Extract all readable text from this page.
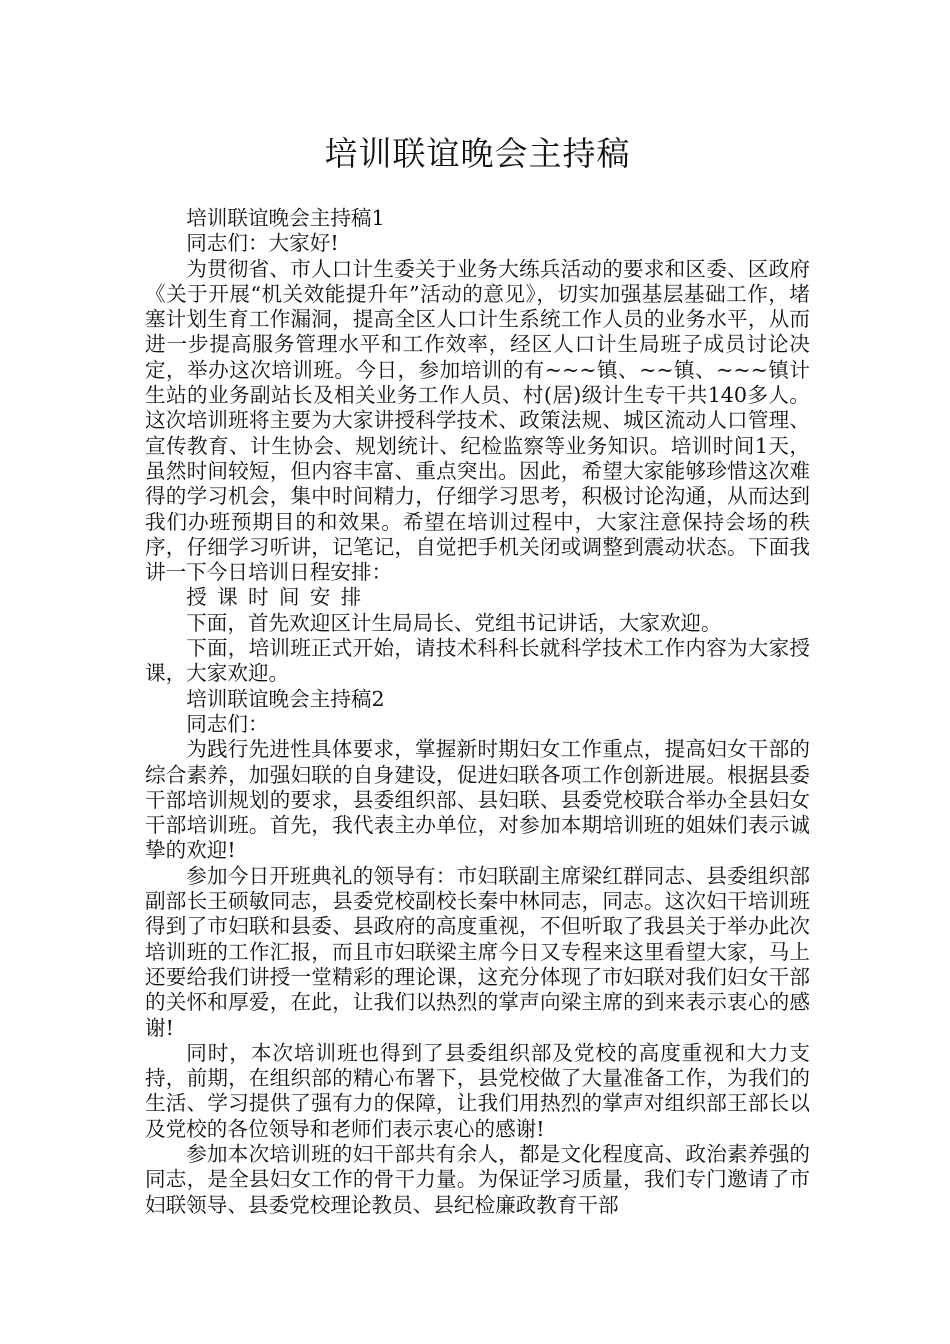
培训联谊晚会主持稿

培训联谊晚会主持稿1

同志们：大家好!

为贯彻省、市人口计生委关于业务大练兵活动的要求和区委、区政府《关于开展“机关效能提升年”活动的意见》，切实加强基层基础工作，堵塞计划生育工作漏洞，提高全区人口计生系统工作人员的业务水平，从而进一步提高服务管理水平和工作效率，经区人口计生局班子成员讨论决定，举办这次培训班。今日，参加培训的有~~~镇、~~镇、~~~镇计生站的业务副站长及相关业务工作人员、村(居)级计生专干共140多人。这次培训班将主要为大家讲授科学技术、政策法规、城区流动人口管理、宣传教育、计生协会、规划统计、纪检监察等业务知识。培训时间1天，虽然时间较短，但内容丰富、重点突出。因此，希望大家能够珍惜这次难得的学习机会，集中时间精力，仔细学习思考，积极讨论沟通，从而达到我们办班预期目的和效果。希望在培训过程中，大家注意保持会场的秩序，仔细学习听讲，记笔记，自觉把手机关闭或调整到震动状态。下面我讲一下今日培训日程安排：

授课时间安排

下面，首先欢迎区计生局局长、党组书记讲话，大家欢迎。

下面，培训班正式开始，请技术科科长就科学技术工作内容为大家授课，大家欢迎。

培训联谊晚会主持稿2

同志们：

为践行先进性具体要求，掌握新时期妇女工作重点，提高妇女干部的综合素养，加强妇联的自身建设，促进妇联各项工作创新进展。根据县委干部培训规划的要求，县委组织部、县妇联、县委党校联合举办全县妇女干部培训班。首先，我代表主办单位，对参加本期培训班的姐妹们表示诚挚的欢迎!

参加今日开班典礼的领导有：市妇联副主席梁红群同志、县委组织部副部长王硕敏同志，县委党校副校长秦中林同志，同志。这次妇干培训班得到了市妇联和县委、县政府的高度重视，不但听取了我县关于举办此次培训班的工作汇报，而且市妇联梁主席今日又专程来这里看望大家，马上还要给我们讲授一堂精彩的理论课，这充分体现了市妇联对我们妇女干部的关怀和厚爱，在此，让我们以热烈的掌声向梁主席的到来表示衷心的感谢!

同时，本次培训班也得到了县委组织部及党校的高度重视和大力支持，前期，在组织部的精心布署下，县党校做了大量准备工作，为我们的生活、学习提供了强有力的保障，让我们用热烈的掌声对组织部王部长以及党校的各位领导和老师们表示衷心的感谢!

参加本次培训班的妇干部共有余人，都是文化程度高、政治素养强的同志，是全县妇女工作的骨干力量。为保证学习质量，我们专门邀请了市妇联领导、县委党校理论教员、县纪检廉政教育干部
